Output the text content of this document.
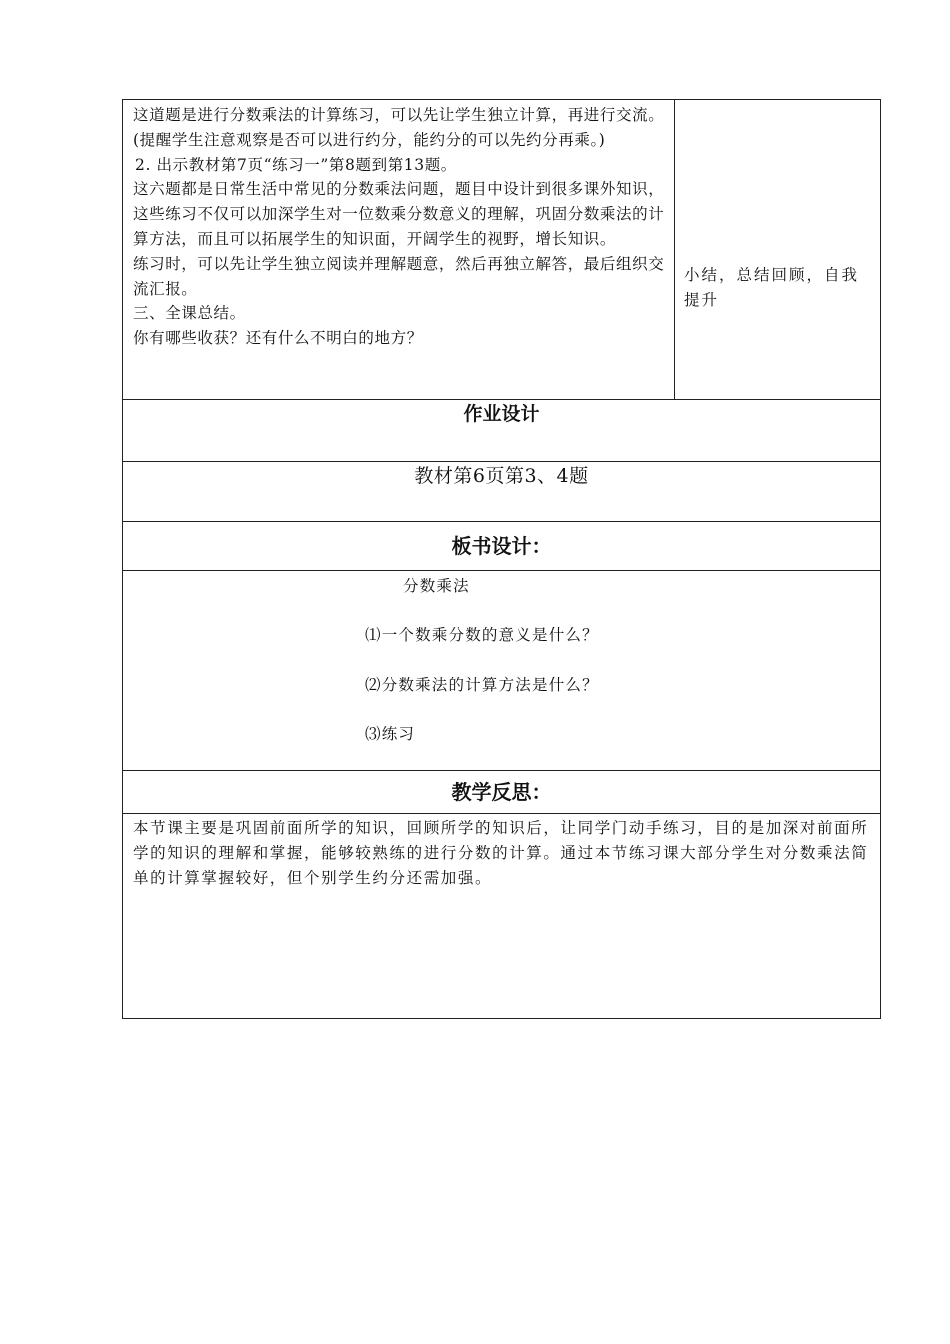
这道题是进行分数乘法的计算练习，可以先让学生独立计算，再进行交流。(提醒学生注意观察是否可以进行约分，能约分的可以先约分再乘。)

2. 出示教材第7页“练习一”第8题到第13题。

这六题都是日常生活中常见的分数乘法问题，题目中设计到很多课外知识，这些练习不仅可以加深学生对一位数乘分数意义的理解，巩固分数乘法的计算方法，而且可以拓展学生的知识面，开阔学生的视野，增长知识。

练习时，可以先让学生独立阅读并理解题意，然后再独立解答，最后组织交流汇报。

三、全课总结。

你有哪些收获？还有什么不明白的地方？

小结，总结回顾，自我提升

作业设计
教材第6页第3、4题
板书设计：

分数乘法
⑴一个数乘分数的意义是什么？
⑵分数乘法的计算方法是什么？
⑶练习

教学反思：
本节课主要是巩固前面所学的知识，回顾所学的知识后，让同学门动手练习，目的是加深对前面所学的知识的理解和掌握，能够较熟练的进行分数的计算。通过本节练习课大部分学生对分数乘法简单的计算掌握较好，但个别学生约分还需加强。
